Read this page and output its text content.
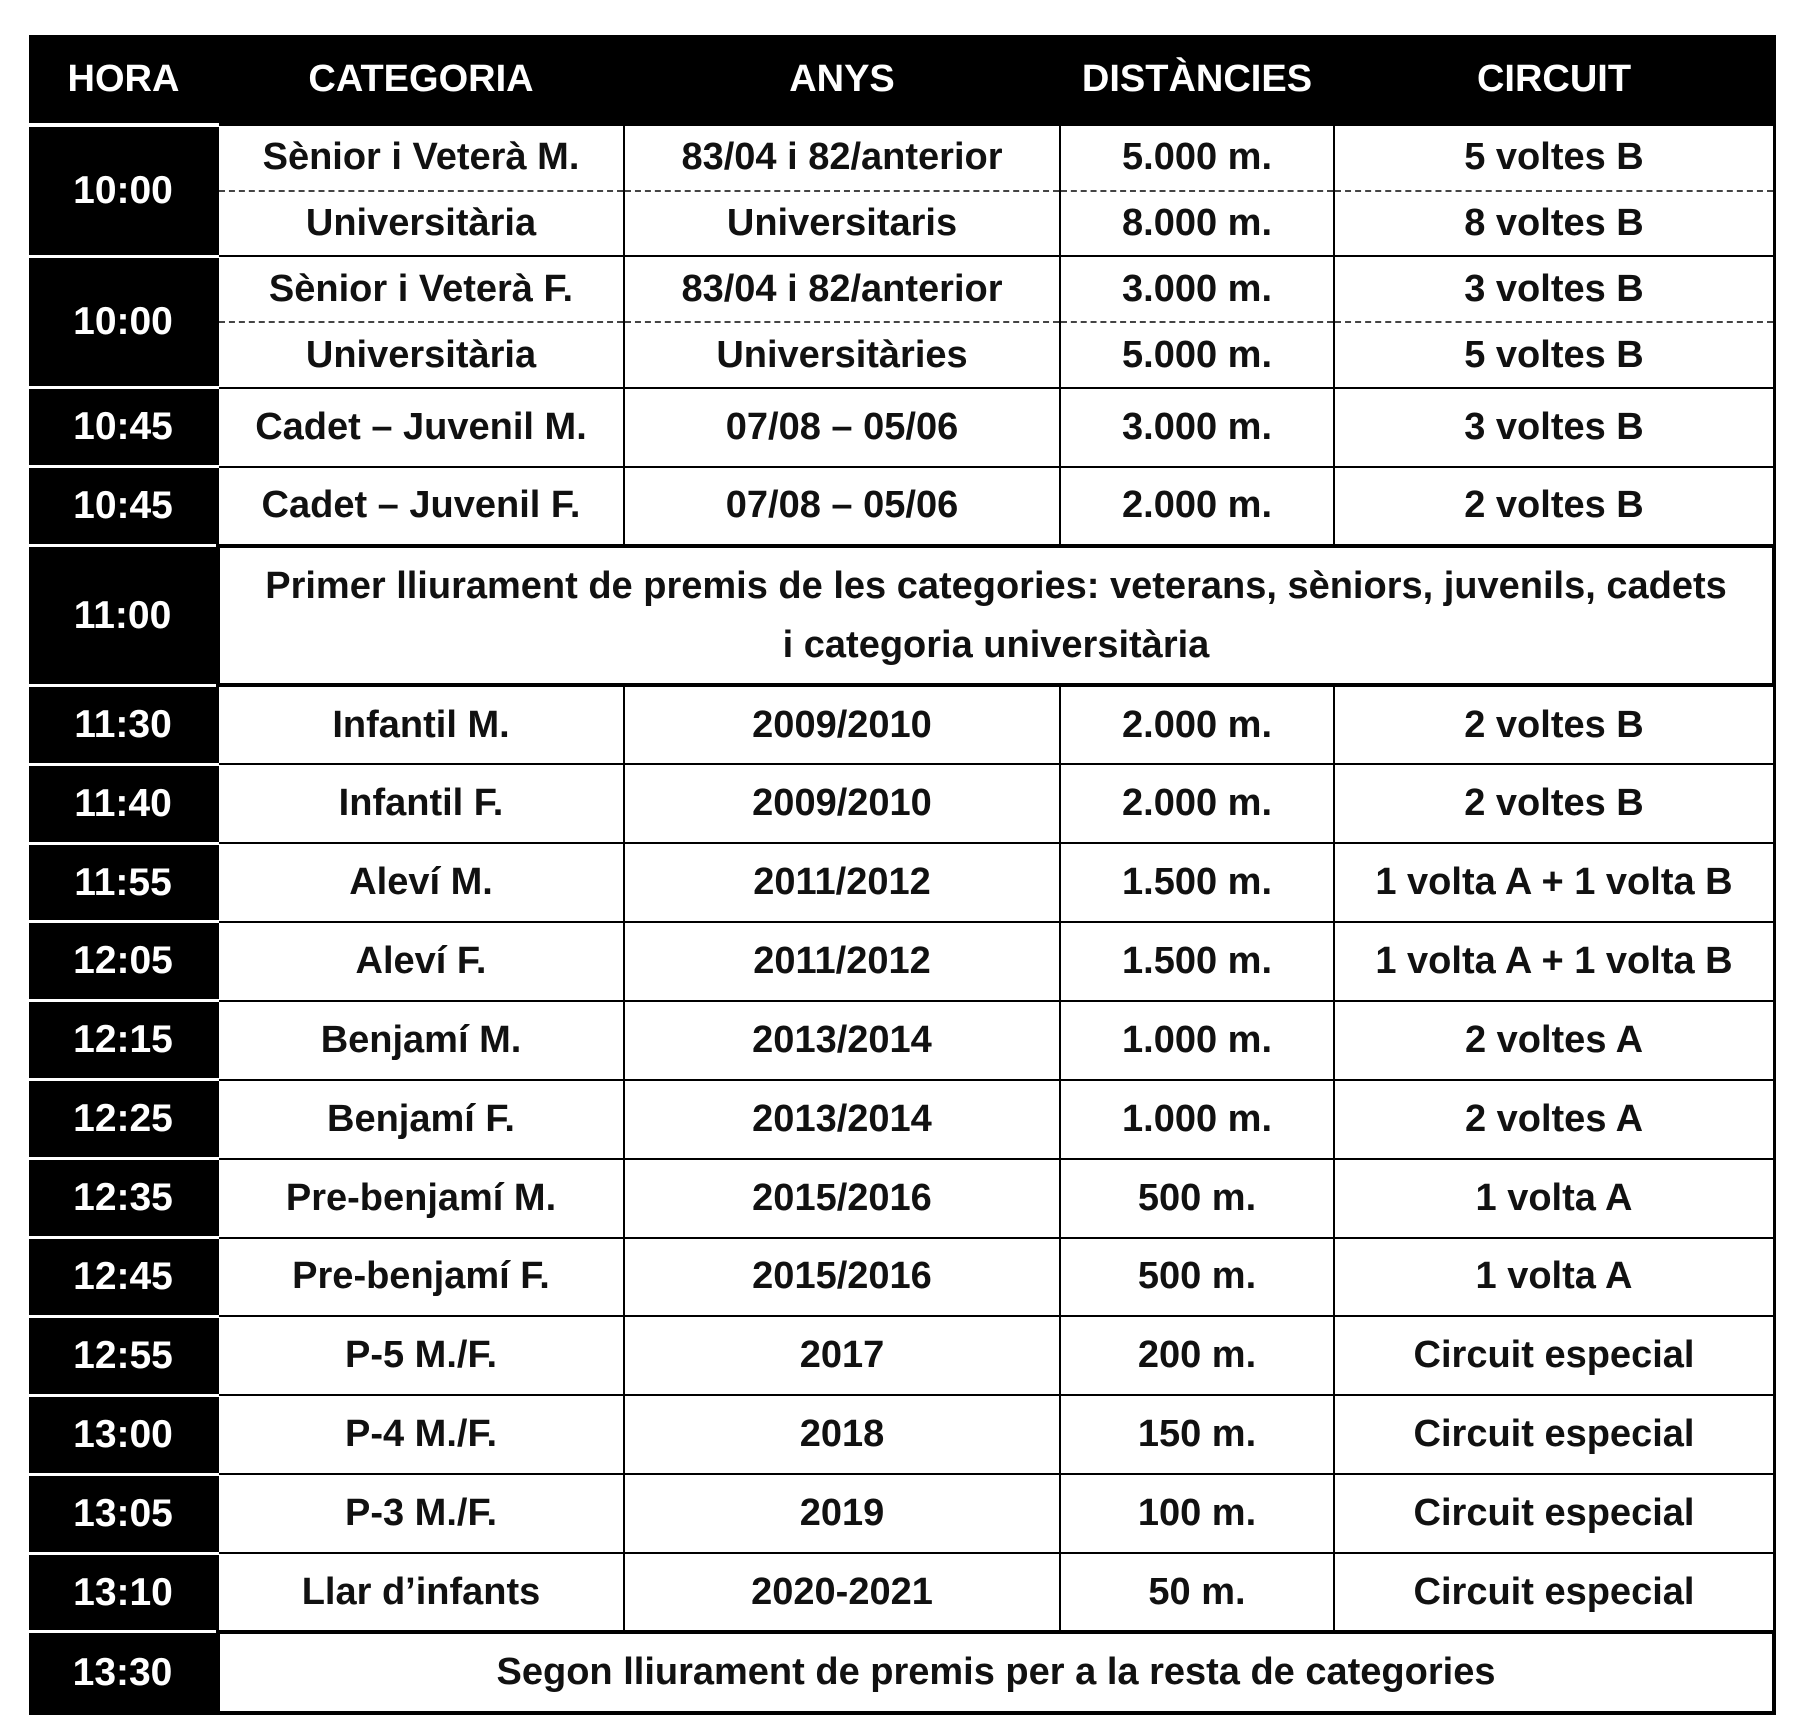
HORA	CATEGORIA	ANYS	DISTÀNCIES	CIRCUIT
10:00	Sènior i Veterà M.	83/04 i 82/anterior	5.000 m.	5 voltes B
	Universitària	Universitaris	8.000 m.	8 voltes B
10:00	Sènior i Veterà F.	83/04 i 82/anterior	3.000 m.	3 voltes B
	Universitària	Universitàries	5.000 m.	5 voltes B
10:45	Cadet – Juvenil M.	07/08 – 05/06	3.000 m.	3 voltes B
10:45	Cadet – Juvenil F.	07/08 – 05/06	2.000 m.	2 voltes B
11:00	Primer lliurament de premis de les categories: veterans, sèniors, juvenils, cadets i categoria universitària			
11:30	Infantil M.	2009/2010	2.000 m.	2 voltes B
11:40	Infantil F.	2009/2010	2.000 m.	2 voltes B
11:55	Aleví M.	2011/2012	1.500 m.	1 volta A + 1 volta B
12:05	Aleví F.	2011/2012	1.500 m.	1 volta A + 1 volta B
12:15	Benjamí M.	2013/2014	1.000 m.	2 voltes A
12:25	Benjamí F.	2013/2014	1.000 m.	2 voltes A
12:35	Pre-benjamí M.	2015/2016	500 m.	1 volta A
12:45	Pre-benjamí F.	2015/2016	500 m.	1 volta A
12:55	P-5 M./F.	2017	200 m.	Circuit especial
13:00	P-4 M./F.	2018	150 m.	Circuit especial
13:05	P-3 M./F.	2019	100 m.	Circuit especial
13:10	Llar d’infants	2020-2021	50 m.	Circuit especial
13:30	Segon lliurament de premis per a la resta de categories			
